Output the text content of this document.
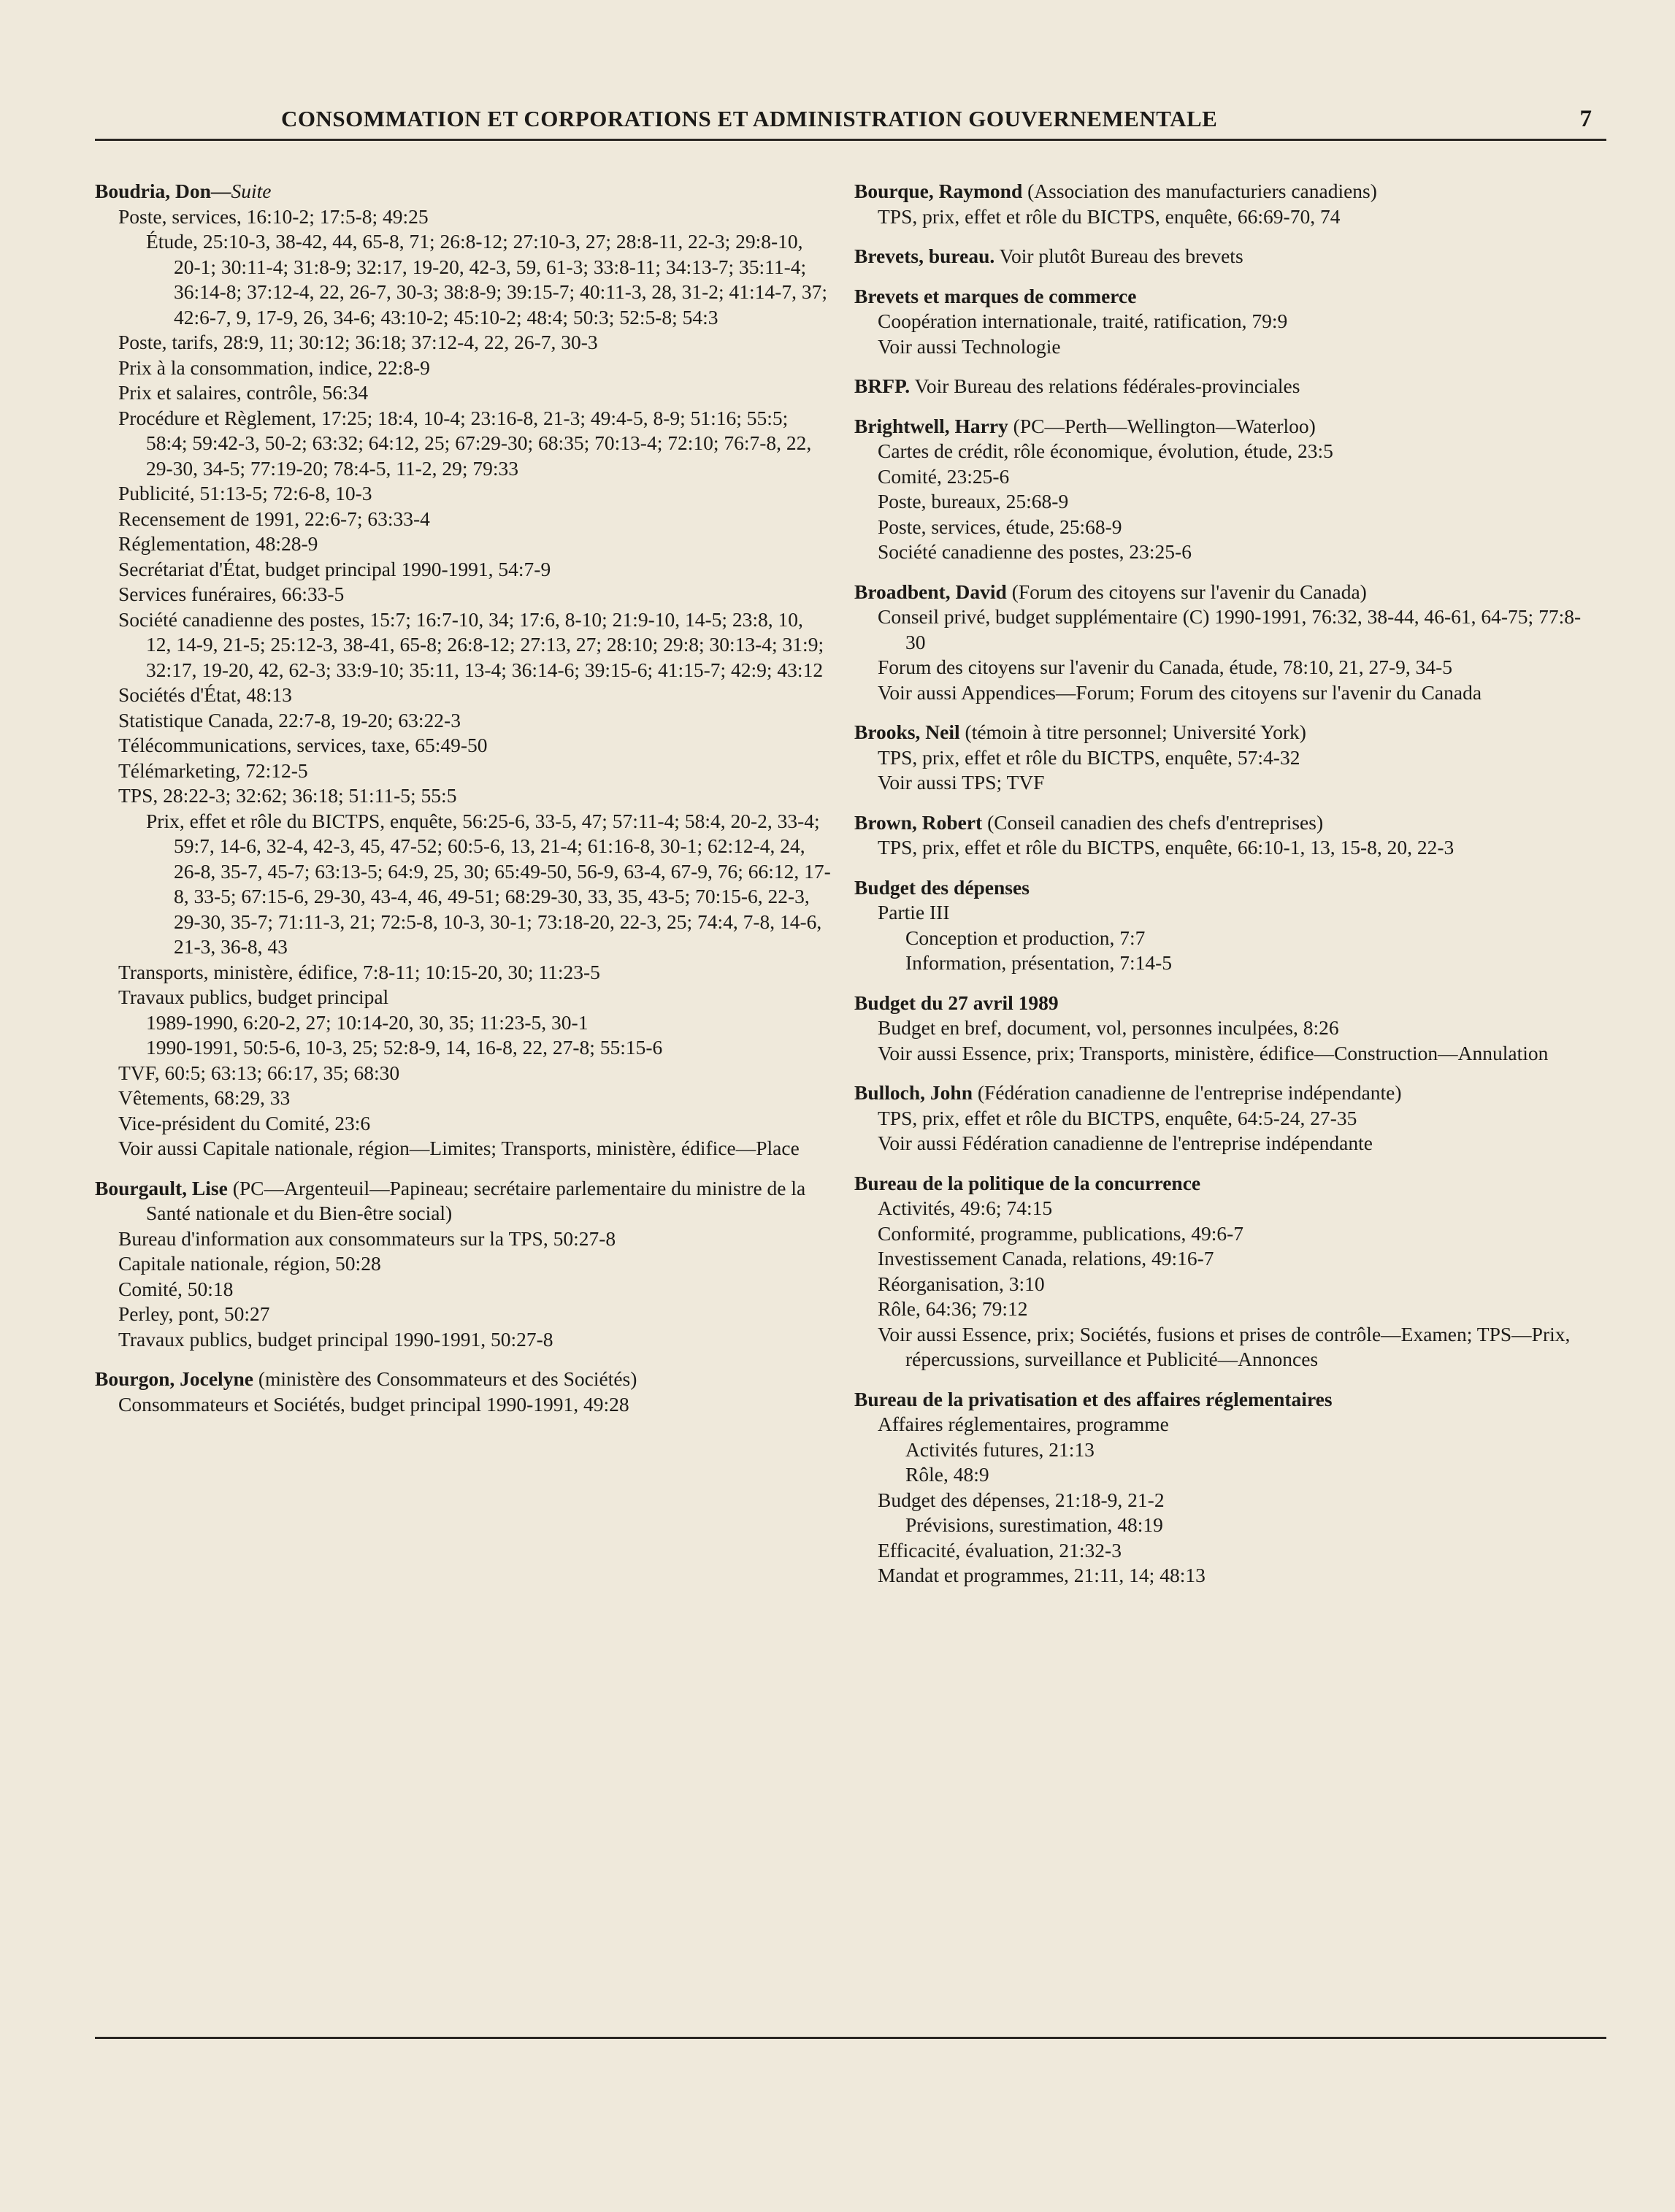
CONSOMMATION ET CORPORATIONS ET ADMINISTRATION GOUVERNEMENTALE	7
Boudria, Don—Suite
Poste, services, 16:10-2; 17:5-8; 49:25
Étude, 25:10-3, 38-42, 44, 65-8, 71; 26:8-12; 27:10-3, 27; 28:8-11, 22-3; 29:8-10, 20-1; 30:11-4; 31:8-9; 32:17, 19-20, 42-3, 59, 61-3; 33:8-11; 34:13-7; 35:11-4; 36:14-8; 37:12-4, 22, 26-7, 30-3; 38:8-9; 39:15-7; 40:11-3, 28, 31-2; 41:14-7, 37; 42:6-7, 9, 17-9, 26, 34-6; 43:10-2; 45:10-2; 48:4; 50:3; 52:5-8; 54:3
Poste, tarifs, 28:9, 11; 30:12; 36:18; 37:12-4, 22, 26-7, 30-3
Prix à la consommation, indice, 22:8-9
Prix et salaires, contrôle, 56:34
Procédure et Règlement, 17:25; 18:4, 10-4; 23:16-8, 21-3; 49:4-5, 8-9; 51:16; 55:5; 58:4; 59:42-3, 50-2; 63:32; 64:12, 25; 67:29-30; 68:35; 70:13-4; 72:10; 76:7-8, 22, 29-30, 34-5; 77:19-20; 78:4-5, 11-2, 29; 79:33
Publicité, 51:13-5; 72:6-8, 10-3
Recensement de 1991, 22:6-7; 63:33-4
Réglementation, 48:28-9
Secrétariat d'État, budget principal 1990-1991, 54:7-9
Services funéraires, 66:33-5
Société canadienne des postes, 15:7; 16:7-10, 34; 17:6, 8-10; 21:9-10, 14-5; 23:8, 10, 12, 14-9, 21-5; 25:12-3, 38-41, 65-8; 26:8-12; 27:13, 27; 28:10; 29:8; 30:13-4; 31:9; 32:17, 19-20, 42, 62-3; 33:9-10; 35:11, 13-4; 36:14-6; 39:15-6; 41:15-7; 42:9; 43:12
Sociétés d'État, 48:13
Statistique Canada, 22:7-8, 19-20; 63:22-3
Télécommunications, services, taxe, 65:49-50
Télémarketing, 72:12-5
TPS, 28:22-3; 32:62; 36:18; 51:11-5; 55:5
Prix, effet et rôle du BICTPS, enquête, 56:25-6, 33-5, 47; 57:11-4; 58:4, 20-2, 33-4; 59:7, 14-6, 32-4, 42-3, 45, 47-52; 60:5-6, 13, 21-4; 61:16-8, 30-1; 62:12-4, 24, 26-8, 35-7, 45-7; 63:13-5; 64:9, 25, 30; 65:49-50, 56-9, 63-4, 67-9, 76; 66:12, 17-8, 33-5; 67:15-6, 29-30, 43-4, 46, 49-51; 68:29-30, 33, 35, 43-5; 70:15-6, 22-3, 29-30, 35-7; 71:11-3, 21; 72:5-8, 10-3, 30-1; 73:18-20, 22-3, 25; 74:4, 7-8, 14-6, 21-3, 36-8, 43
Transports, ministère, édifice, 7:8-11; 10:15-20, 30; 11:23-5
Travaux publics, budget principal
1989-1990, 6:20-2, 27; 10:14-20, 30, 35; 11:23-5, 30-1
1990-1991, 50:5-6, 10-3, 25; 52:8-9, 14, 16-8, 22, 27-8; 55:15-6
TVF, 60:5; 63:13; 66:17, 35; 68:30
Vêtements, 68:29, 33
Vice-président du Comité, 23:6
Voir aussi Capitale nationale, région—Limites; Transports, ministère, édifice—Place
Bourgault, Lise (PC—Argenteuil—Papineau; secrétaire parlementaire du ministre de la Santé nationale et du Bien-être social)
Bureau d'information aux consommateurs sur la TPS, 50:27-8
Capitale nationale, région, 50:28
Comité, 50:18
Perley, pont, 50:27
Travaux publics, budget principal 1990-1991, 50:27-8
Bourgon, Jocelyne (ministère des Consommateurs et des Sociétés)
Consommateurs et Sociétés, budget principal 1990-1991, 49:28
Bourque, Raymond (Association des manufacturiers canadiens)
TPS, prix, effet et rôle du BICTPS, enquête, 66:69-70, 74
Brevets, bureau. Voir plutôt Bureau des brevets
Brevets et marques de commerce
Coopération internationale, traité, ratification, 79:9
Voir aussi Technologie
BRFP. Voir Bureau des relations fédérales-provinciales
Brightwell, Harry (PC—Perth—Wellington—Waterloo)
Cartes de crédit, rôle économique, évolution, étude, 23:5
Comité, 23:25-6
Poste, bureaux, 25:68-9
Poste, services, étude, 25:68-9
Société canadienne des postes, 23:25-6
Broadbent, David (Forum des citoyens sur l'avenir du Canada)
Conseil privé, budget supplémentaire (C) 1990-1991, 76:32, 38-44, 46-61, 64-75; 77:8-30
Forum des citoyens sur l'avenir du Canada, étude, 78:10, 21, 27-9, 34-5
Voir aussi Appendices—Forum; Forum des citoyens sur l'avenir du Canada
Brooks, Neil (témoin à titre personnel; Université York)
TPS, prix, effet et rôle du BICTPS, enquête, 57:4-32
Voir aussi TPS; TVF
Brown, Robert (Conseil canadien des chefs d'entreprises)
TPS, prix, effet et rôle du BICTPS, enquête, 66:10-1, 13, 15-8, 20, 22-3
Budget des dépenses
Partie III
Conception et production, 7:7
Information, présentation, 7:14-5
Budget du 27 avril 1989
Budget en bref, document, vol, personnes inculpées, 8:26
Voir aussi Essence, prix; Transports, ministère, édifice—Construction—Annulation
Bulloch, John (Fédération canadienne de l'entreprise indépendante)
TPS, prix, effet et rôle du BICTPS, enquête, 64:5-24, 27-35
Voir aussi Fédération canadienne de l'entreprise indépendante
Bureau de la politique de la concurrence
Activités, 49:6; 74:15
Conformité, programme, publications, 49:6-7
Investissement Canada, relations, 49:16-7
Réorganisation, 3:10
Rôle, 64:36; 79:12
Voir aussi Essence, prix; Sociétés, fusions et prises de contrôle—Examen; TPS—Prix, répercussions, surveillance et Publicité—Annonces
Bureau de la privatisation et des affaires réglementaires
Affaires réglementaires, programme
Activités futures, 21:13
Rôle, 48:9
Budget des dépenses, 21:18-9, 21-2
Prévisions, surestimation, 48:19
Efficacité, évaluation, 21:32-3
Mandat et programmes, 21:11, 14; 48:13
